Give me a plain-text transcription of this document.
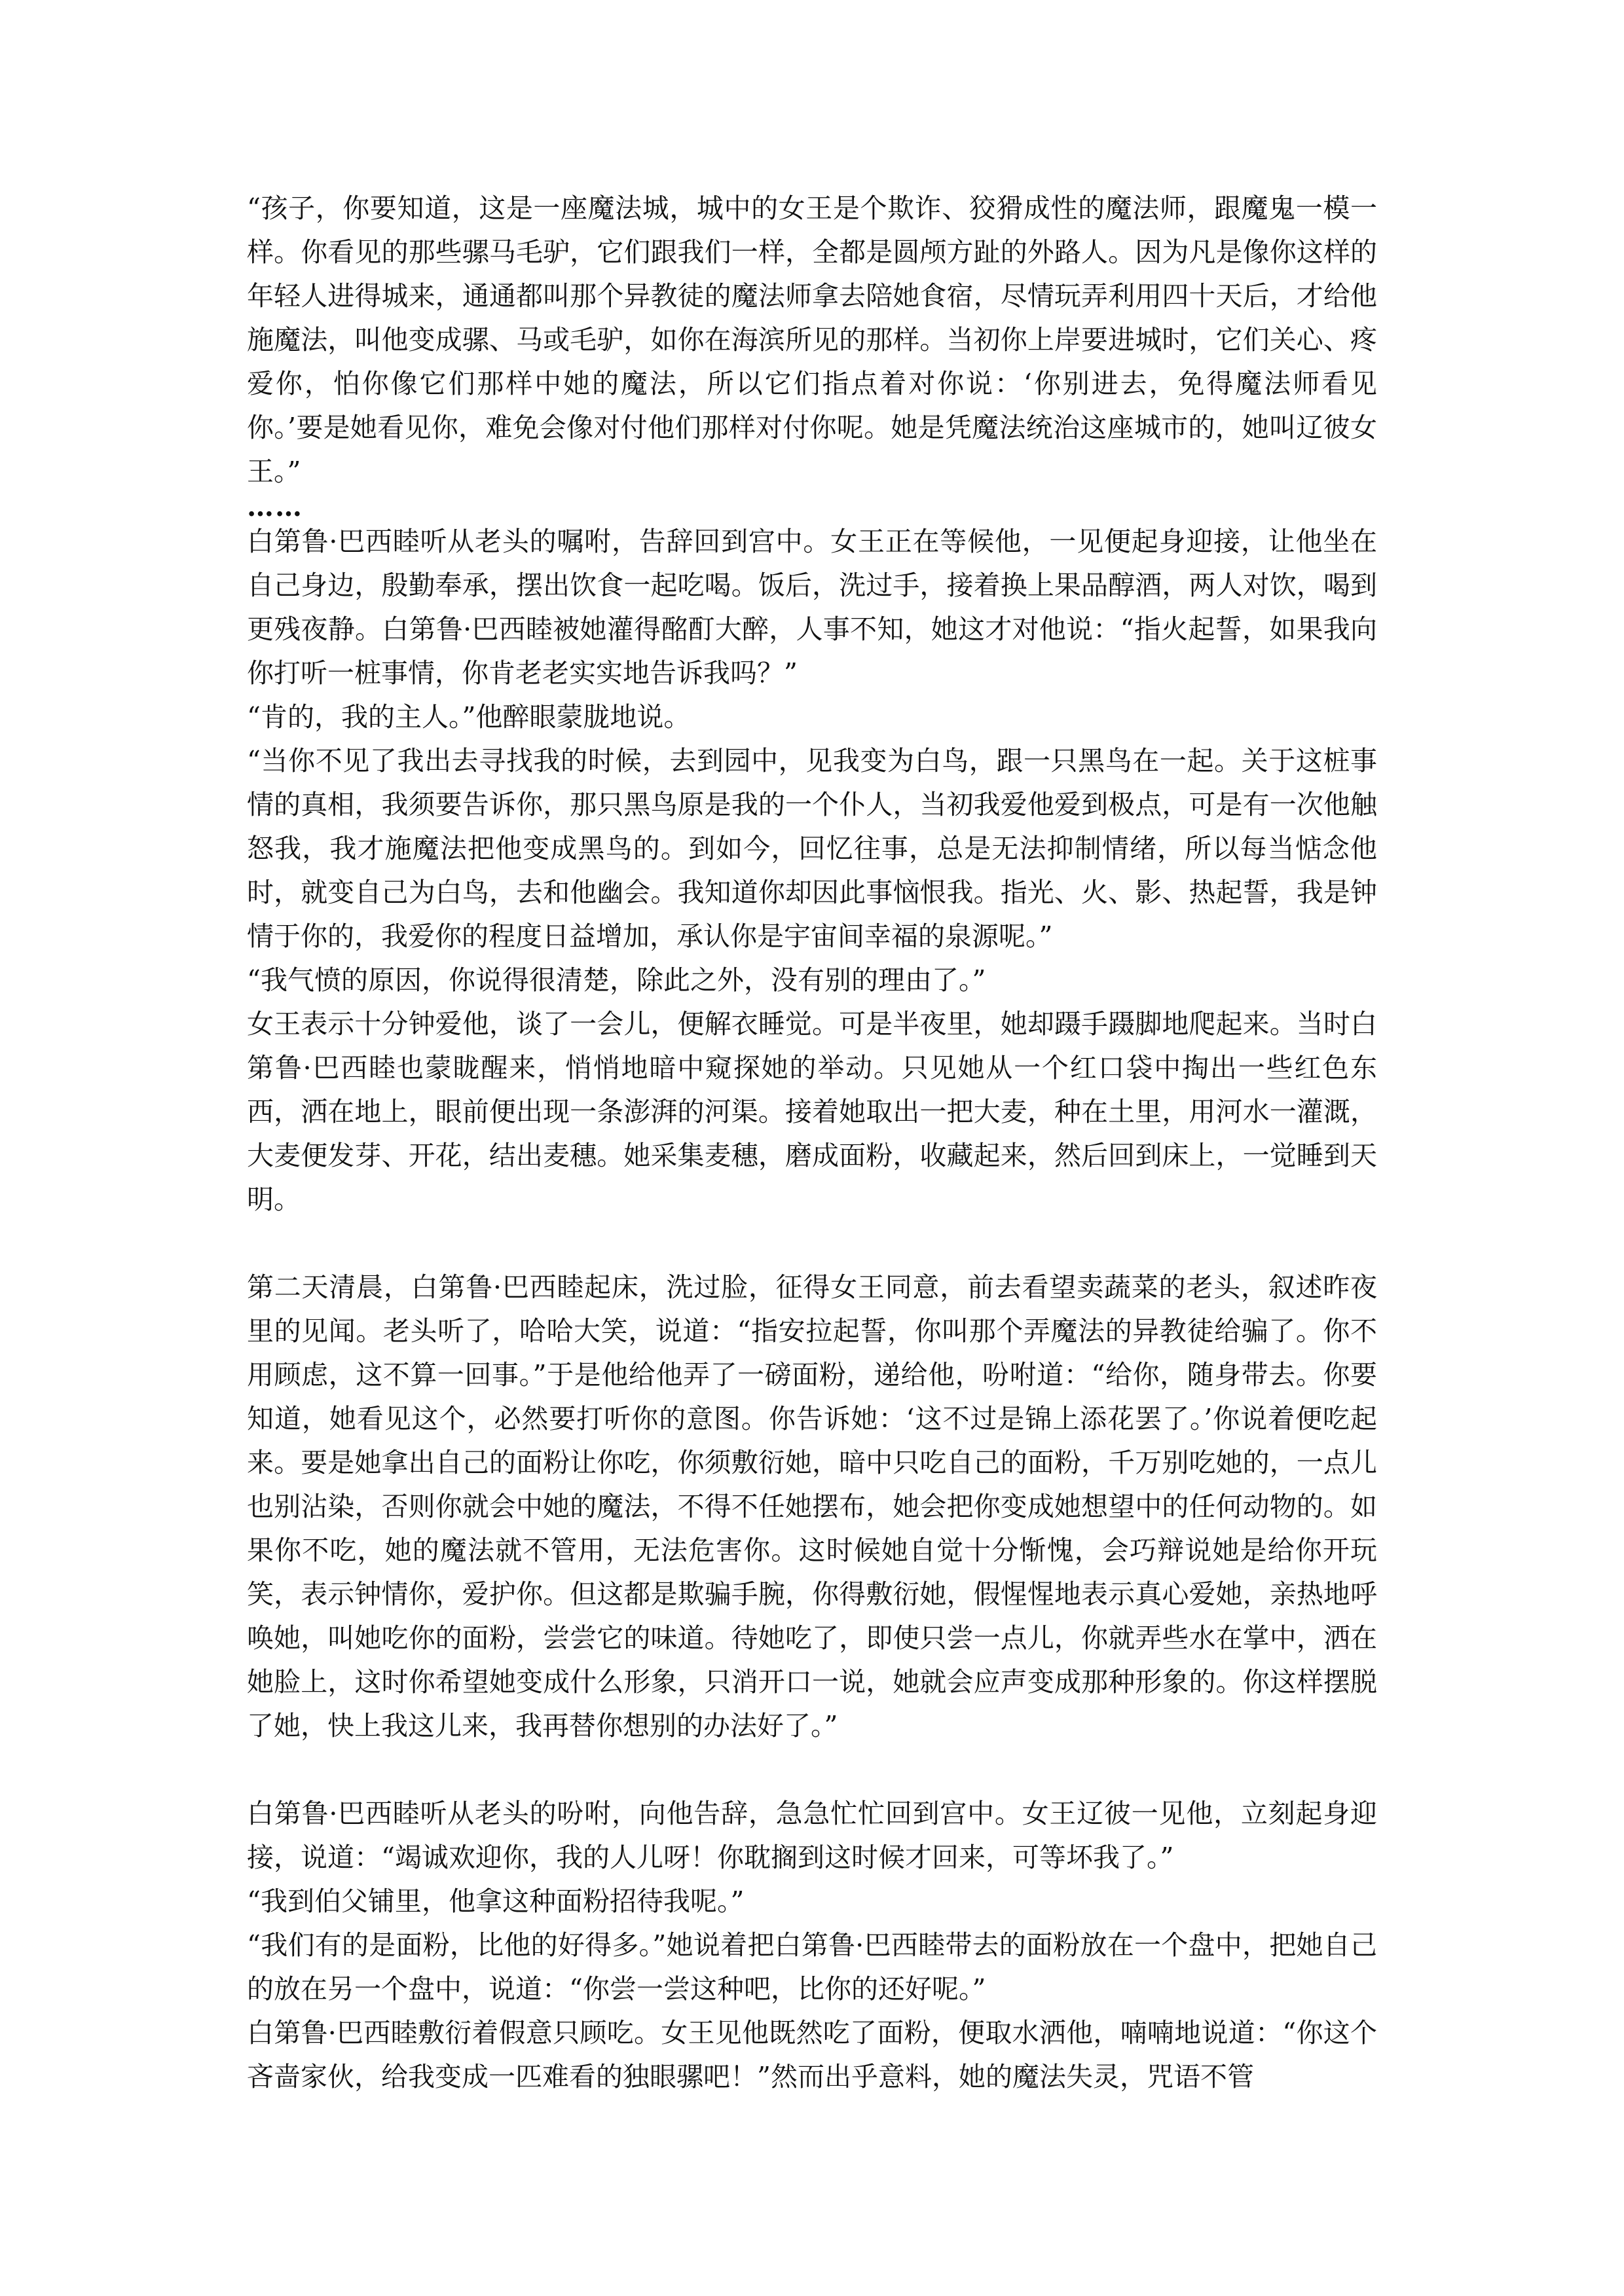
“孩子，你要知道，这是一座魔法城，城中的女王是个欺诈、狡猾成性的魔法师，跟魔鬼一模一样。你看见的那些骡马毛驴，它们跟我们一样，全都是圆颅方趾的外路人。因为凡是像你这样的年轻人进得城来，通通都叫那个异教徒的魔法师拿去陪她食宿，尽情玩弄利用四十天后，才给他施魔法，叫他变成骡、马或毛驴，如你在海滨所见的那样。当初你上岸要进城时，它们关心、疼爱你，怕你像它们那样中她的魔法，所以它们指点着对你说：‘你别进去，免得魔法师看见你。’要是她看见你，难免会像对付他们那样对付你呢。她是凭魔法统治这座城市的，她叫辽彼女王。”

……

白第鲁·巴西睦听从老头的嘱咐，告辞回到宫中。女王正在等候他，一见便起身迎接，让他坐在自己身边，殷勤奉承，摆出饮食一起吃喝。饭后，洗过手，接着换上果品醇酒，两人对饮，喝到更残夜静。白第鲁·巴西睦被她灌得酩酊大醉，人事不知，她这才对他说：“指火起誓，如果我向你打听一桩事情，你肯老老实实地告诉我吗？”

“肯的，我的主人。”他醉眼蒙胧地说。

“当你不见了我出去寻找我的时候，去到园中，见我变为白鸟，跟一只黑鸟在一起。关于这桩事情的真相，我须要告诉你，那只黑鸟原是我的一个仆人，当初我爱他爱到极点，可是有一次他触怒我，我才施魔法把他变成黑鸟的。到如今，回忆往事，总是无法抑制情绪，所以每当惦念他时，就变自己为白鸟，去和他幽会。我知道你却因此事恼恨我。指光、火、影、热起誓，我是钟情于你的，我爱你的程度日益增加，承认你是宇宙间幸福的泉源呢。”

“我气愤的原因，你说得很清楚，除此之外，没有别的理由了。”

女王表示十分钟爱他，谈了一会儿，便解衣睡觉。可是半夜里，她却蹑手蹑脚地爬起来。当时白第鲁·巴西睦也蒙眬醒来，悄悄地暗中窥探她的举动。只见她从一个红口袋中掏出一些红色东西，洒在地上，眼前便出现一条澎湃的河渠。接着她取出一把大麦，种在土里，用河水一灌溉，大麦便发芽、开花，结出麦穗。她采集麦穗，磨成面粉，收藏起来，然后回到床上，一觉睡到天明。

第二天清晨，白第鲁·巴西睦起床，洗过脸，征得女王同意，前去看望卖蔬菜的老头，叙述昨夜里的见闻。老头听了，哈哈大笑，说道：“指安拉起誓，你叫那个弄魔法的异教徒给骗了。你不用顾虑，这不算一回事。”于是他给他弄了一磅面粉，递给他，吩咐道：“给你，随身带去。你要知道，她看见这个，必然要打听你的意图。你告诉她：‘这不过是锦上添花罢了。’你说着便吃起来。要是她拿出自己的面粉让你吃，你须敷衍她，暗中只吃自己的面粉，千万别吃她的，一点儿也别沾染，否则你就会中她的魔法，不得不任她摆布，她会把你变成她想望中的任何动物的。如果你不吃，她的魔法就不管用，无法危害你。这时候她自觉十分惭愧，会巧辩说她是给你开玩笑，表示钟情你，爱护你。但这都是欺骗手腕，你得敷衍她，假惺惺地表示真心爱她，亲热地呼唤她，叫她吃你的面粉，尝尝它的味道。待她吃了，即使只尝一点儿，你就弄些水在掌中，洒在她脸上，这时你希望她变成什么形象，只消开口一说，她就会应声变成那种形象的。你这样摆脱了她，快上我这儿来，我再替你想别的办法好了。”

白第鲁·巴西睦听从老头的吩咐，向他告辞，急急忙忙回到宫中。女王辽彼一见他，立刻起身迎接，说道：“竭诚欢迎你，我的人儿呀！你耽搁到这时候才回来，可等坏我了。”

“我到伯父铺里，他拿这种面粉招待我呢。”

“我们有的是面粉，比他的好得多。”她说着把白第鲁·巴西睦带去的面粉放在一个盘中，把她自己的放在另一个盘中，说道：“你尝一尝这种吧，比你的还好呢。”

白第鲁·巴西睦敷衍着假意只顾吃。女王见他既然吃了面粉，便取水洒他，喃喃地说道：“你这个吝啬家伙，给我变成一匹难看的独眼骡吧！”然而出乎意料，她的魔法失灵，咒语不管
